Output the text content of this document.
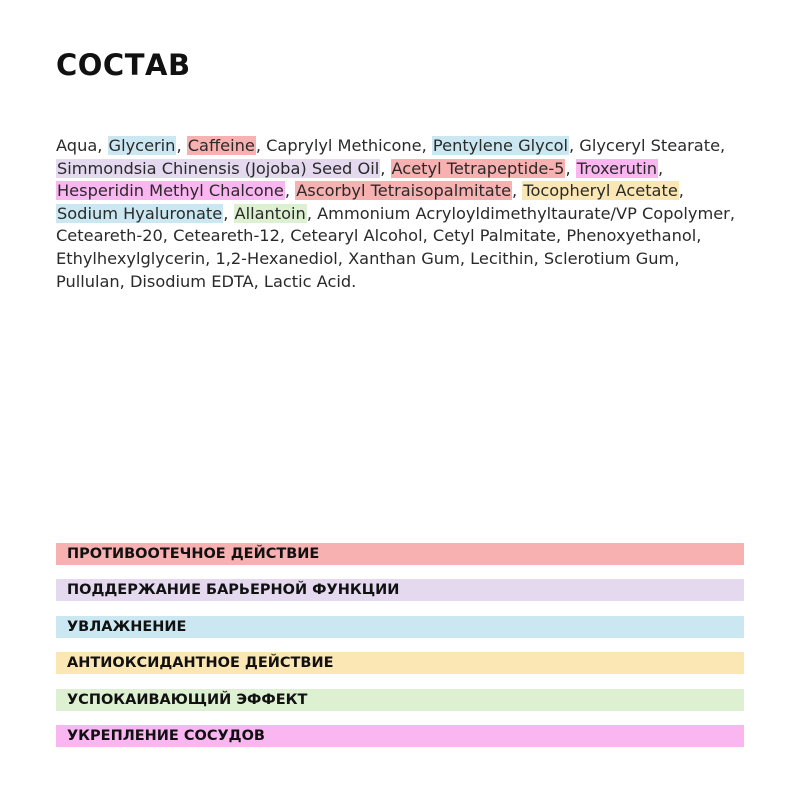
СОСТАВ

Aqua, Glycerin, Caffeine, Caprylyl Methicone, Pentylene Glycol, Glyceryl Stearate, Simmondsia Chinensis (Jojoba) Seed Oil, Acetyl Tetrapeptide-5, Troxerutin, Hesperidin Methyl Chalcone, Ascorbyl Tetraisopalmitate, Tocopheryl Acetate, Sodium Hyaluronate, Allantoin, Ammonium Acryloyldimethyltaurate/VP Copolymer, Ceteareth-20, Ceteareth-12, Cetearyl Alcohol, Cetyl Palmitate, Phenoxyethanol, Ethylhexylglycerin, 1,2-Hexanediol, Xanthan Gum, Lecithin, Sclerotium Gum, Pullulan, Disodium EDTA, Lactic Acid.

ПРОТИВООТЕЧНОЕ ДЕЙСТВИЕ
ПОДДЕРЖАНИЕ БАРЬЕРНОЙ ФУНКЦИИ
УВЛАЖНЕНИЕ
АНТИОКСИДАНТНОЕ ДЕЙСТВИЕ
УСПОКАИВАЮЩИЙ ЭФФЕКТ
УКРЕПЛЕНИЕ СОСУДОВ
